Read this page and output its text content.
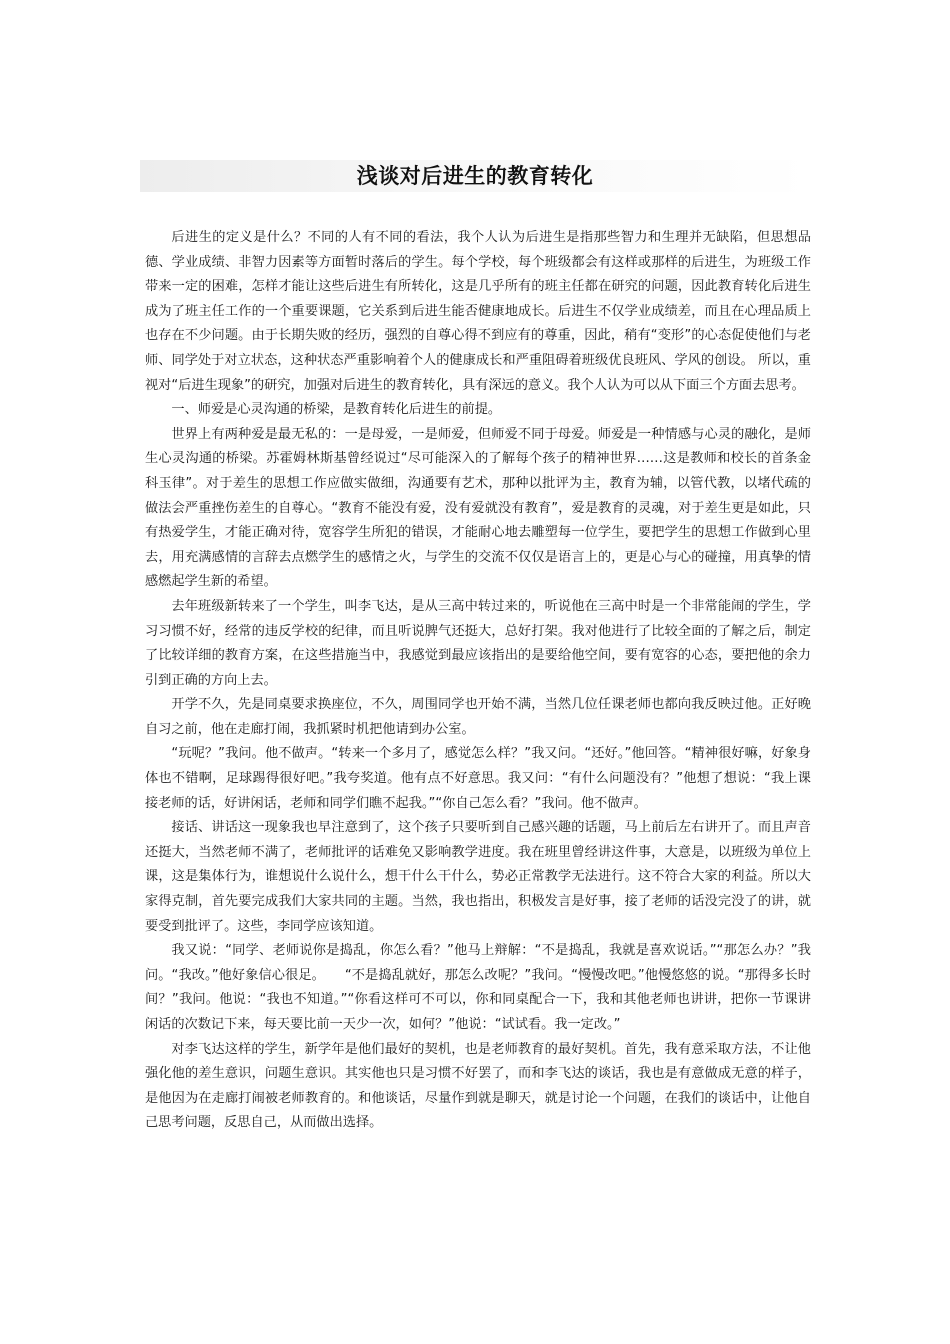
浅谈对后进生的教育转化

后进生的定义是什么？不同的人有不同的看法，我个人认为后进生是指那些智力和生理并无缺陷，但思想品德、学业成绩、非智力因素等方面暂时落后的学生。每个学校，每个班级都会有这样或那样的后进生，为班级工作带来一定的困难，怎样才能让这些后进生有所转化，这是几乎所有的班主任都在研究的问题，因此教育转化后进生成为了班主任工作的一个重要课题，它关系到后进生能否健康地成长。后进生不仅学业成绩差，而且在心理品质上也存在不少问题。由于长期失败的经历，强烈的自尊心得不到应有的尊重，因此，稍有“变形”的心态促使他们与老师、同学处于对立状态，这种状态严重影响着个人的健康成长和严重阻碍着班级优良班风、学风的创设。 所以，重视对“后进生现象”的研究，加强对后进生的教育转化，具有深远的意义。我个人认为可以从下面三个方面去思考。

一、师爱是心灵沟通的桥梁，是教育转化后进生的前提。

世界上有两种爱是最无私的：一是母爱，一是师爱，但师爱不同于母爱。师爱是一种情感与心灵的融化，是师生心灵沟通的桥梁。苏霍姆林斯基曾经说过“尽可能深入的了解每个孩子的精神世界……这是教师和校长的首条金科玉律”。对于差生的思想工作应做实做细，沟通要有艺术，那种以批评为主，教育为辅，以管代教，以堵代疏的做法会严重挫伤差生的自尊心。“教育不能没有爱，没有爱就没有教育”，爱是教育的灵魂，对于差生更是如此，只有热爱学生，才能正确对待，宽容学生所犯的错误，才能耐心地去雕塑每一位学生，要把学生的思想工作做到心里去，用充满感情的言辞去点燃学生的感情之火，与学生的交流不仅仅是语言上的，更是心与心的碰撞，用真挚的情感燃起学生新的希望。

去年班级新转来了一个学生，叫李飞达，是从三高中转过来的，听说他在三高中时是一个非常能闹的学生，学习习惯不好，经常的违反学校的纪律，而且听说脾气还挺大，总好打架。我对他进行了比较全面的了解之后，制定了比较详细的教育方案，在这些措施当中，我感觉到最应该指出的是要给他空间，要有宽容的心态，要把他的余力引到正确的方向上去。

开学不久，先是同桌要求换座位，不久，周围同学也开始不满，当然几位任课老师也都向我反映过他。正好晚自习之前，他在走廊打闹，我抓紧时机把他请到办公室。

“玩呢？”我问。他不做声。“转来一个多月了，感觉怎么样？”我又问。“还好。”他回答。“精神很好嘛，好象身体也不错啊，足球踢得很好吧。”我夸奖道。他有点不好意思。我又问：“有什么问题没有？”他想了想说：“我上课接老师的话，好讲闲话，老师和同学们瞧不起我。”“你自己怎么看？”我问。他不做声。

接话、讲话这一现象我也早注意到了，这个孩子只要听到自己感兴趣的话题，马上前后左右讲开了。而且声音还挺大，当然老师不满了，老师批评的话难免又影响教学进度。我在班里曾经讲这件事，大意是，以班级为单位上课，这是集体行为，谁想说什么说什么，想干什么干什么，势必正常教学无法进行。这不符合大家的利益。所以大家得克制，首先要完成我们大家共同的主题。当然，我也指出，积极发言是好事，接了老师的话没完没了的讲，就要受到批评了。这些，李同学应该知道。

我又说：“同学、老师说你是捣乱，你怎么看？”他马上辩解：“不是捣乱，我就是喜欢说话。”“那怎么办？”我问。“我改。”他好象信心很足。　　“不是捣乱就好，那怎么改呢？”我问。“慢慢改吧。”他慢悠悠的说。“那得多长时间？”我问。他说：“我也不知道。”“你看这样可不可以，你和同桌配合一下，我和其他老师也讲讲，把你一节课讲闲话的次数记下来，每天要比前一天少一次，如何？”他说：“试试看。我一定改。”

对李飞达这样的学生，新学年是他们最好的契机，也是老师教育的最好契机。首先，我有意采取方法，不让他强化他的差生意识，问题生意识。其实他也只是习惯不好罢了，而和李飞达的谈话，我也是有意做成无意的样子，是他因为在走廊打闹被老师教育的。和他谈话，尽量作到就是聊天，就是讨论一个问题，在我们的谈话中，让他自己思考问题，反思自己，从而做出选择。
